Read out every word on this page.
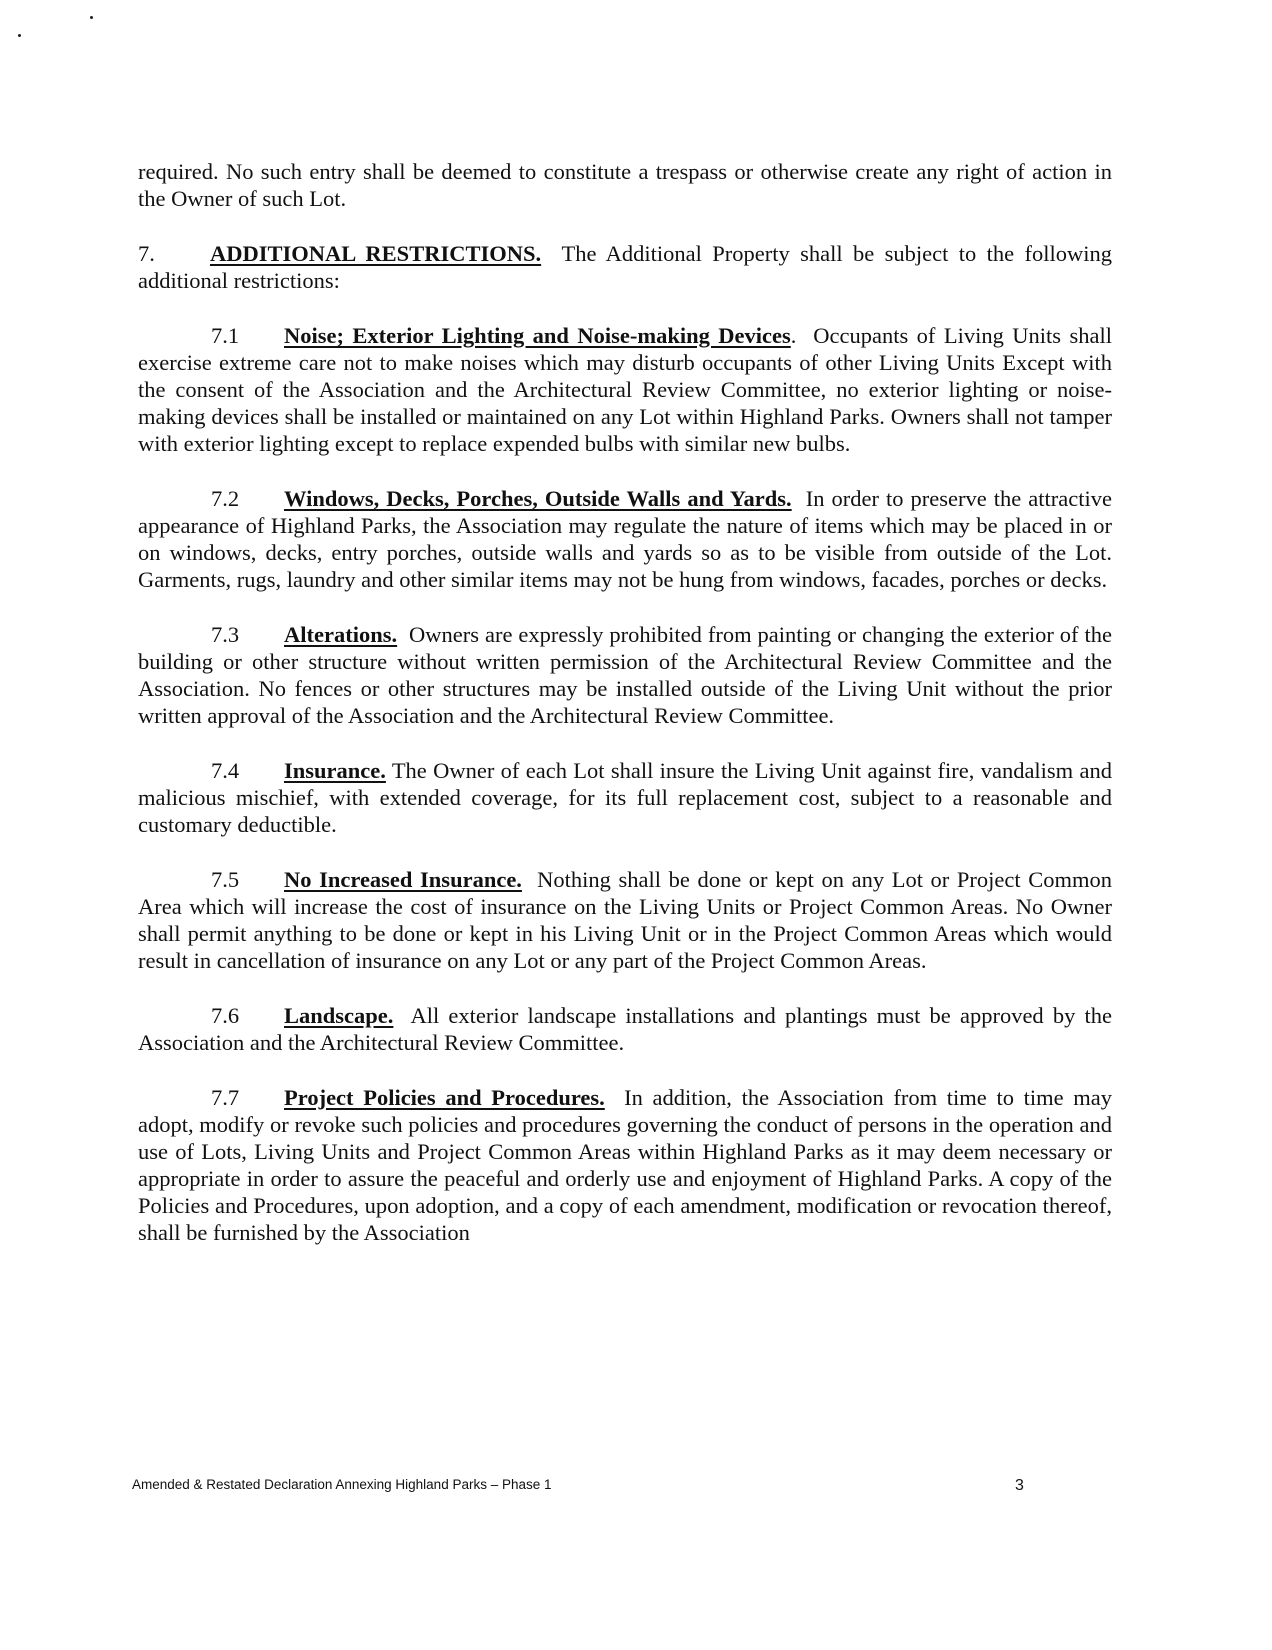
required. No such entry shall be deemed to constitute a trespass or otherwise create any right of action in the Owner of such Lot.

7. ADDITIONAL RESTRICTIONS. The Additional Property shall be subject to the following additional restrictions:

7.1 Noise; Exterior Lighting and Noise-making Devices. Occupants of Living Units shall exercise extreme care not to make noises which may disturb occupants of other Living Units Except with the consent of the Association and the Architectural Review Committee, no exterior lighting or noise-making devices shall be installed or maintained on any Lot within Highland Parks. Owners shall not tamper with exterior lighting except to replace expended bulbs with similar new bulbs.

7.2 Windows, Decks, Porches, Outside Walls and Yards. In order to preserve the attractive appearance of Highland Parks, the Association may regulate the nature of items which may be placed in or on windows, decks, entry porches, outside walls and yards so as to be visible from outside of the Lot. Garments, rugs, laundry and other similar items may not be hung from windows, facades, porches or decks.

7.3 Alterations. Owners are expressly prohibited from painting or changing the exterior of the building or other structure without written permission of the Architectural Review Committee and the Association. No fences or other structures may be installed outside of the Living Unit without the prior written approval of the Association and the Architectural Review Committee.

7.4 Insurance. The Owner of each Lot shall insure the Living Unit against fire, vandalism and malicious mischief, with extended coverage, for its full replacement cost, subject to a reasonable and customary deductible.

7.5 No Increased Insurance. Nothing shall be done or kept on any Lot or Project Common Area which will increase the cost of insurance on the Living Units or Project Common Areas. No Owner shall permit anything to be done or kept in his Living Unit or in the Project Common Areas which would result in cancellation of insurance on any Lot or any part of the Project Common Areas.

7.6 Landscape. All exterior landscape installations and plantings must be approved by the Association and the Architectural Review Committee.

7.7 Project Policies and Procedures. In addition, the Association from time to time may adopt, modify or revoke such policies and procedures governing the conduct of persons in the operation and use of Lots, Living Units and Project Common Areas within Highland Parks as it may deem necessary or appropriate in order to assure the peaceful and orderly use and enjoyment of Highland Parks. A copy of the Policies and Procedures, upon adoption, and a copy of each amendment, modification or revocation thereof, shall be furnished by the Association

Amended & Restated Declaration Annexing Highland Parks – Phase 1	3
